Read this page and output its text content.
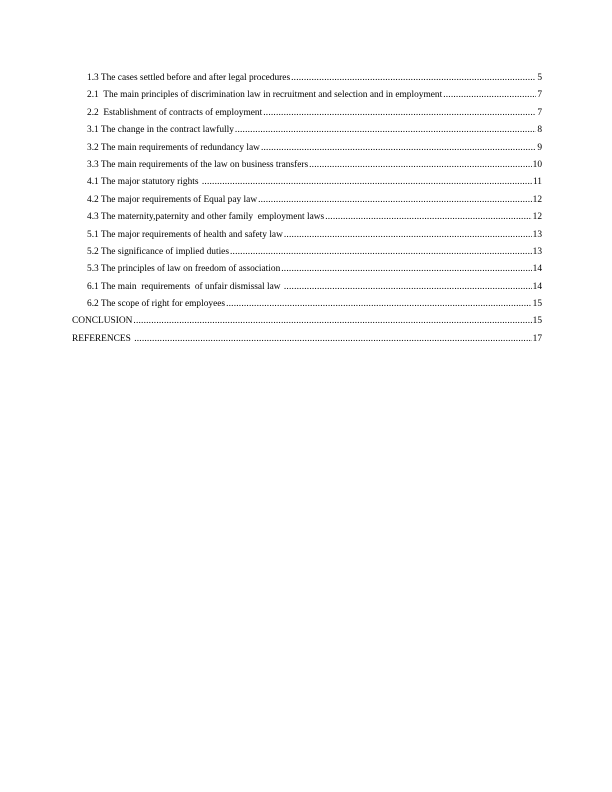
1.3 The cases settled before and after legal procedures .....	5
2.1  The main principles of discrimination law in recruitment and selection and in employment .....	7
2.2  Establishment of contracts of employment .....	7
3.1 The change in the contract lawfully .....	8
3.2 The main requirements of redundancy law .....	9
3.3 The main requirements of the law on business transfers .....	10
4.1 The major statutory rights .....	11
4.2 The major requirements of Equal pay law .....	12
4.3 The maternity,paternity and other family  employment laws .....	12
5.1 The major requirements of health and safety law .....	13
5.2 The significance of implied duties .....	13
5.3 The principles of law on freedom of association .....	14
6.1 The main  requirements  of unfair dismissal law .....	14
6.2 The scope of right for employees .....	15
CONCLUSION .....	15
REFERENCES .....	17
